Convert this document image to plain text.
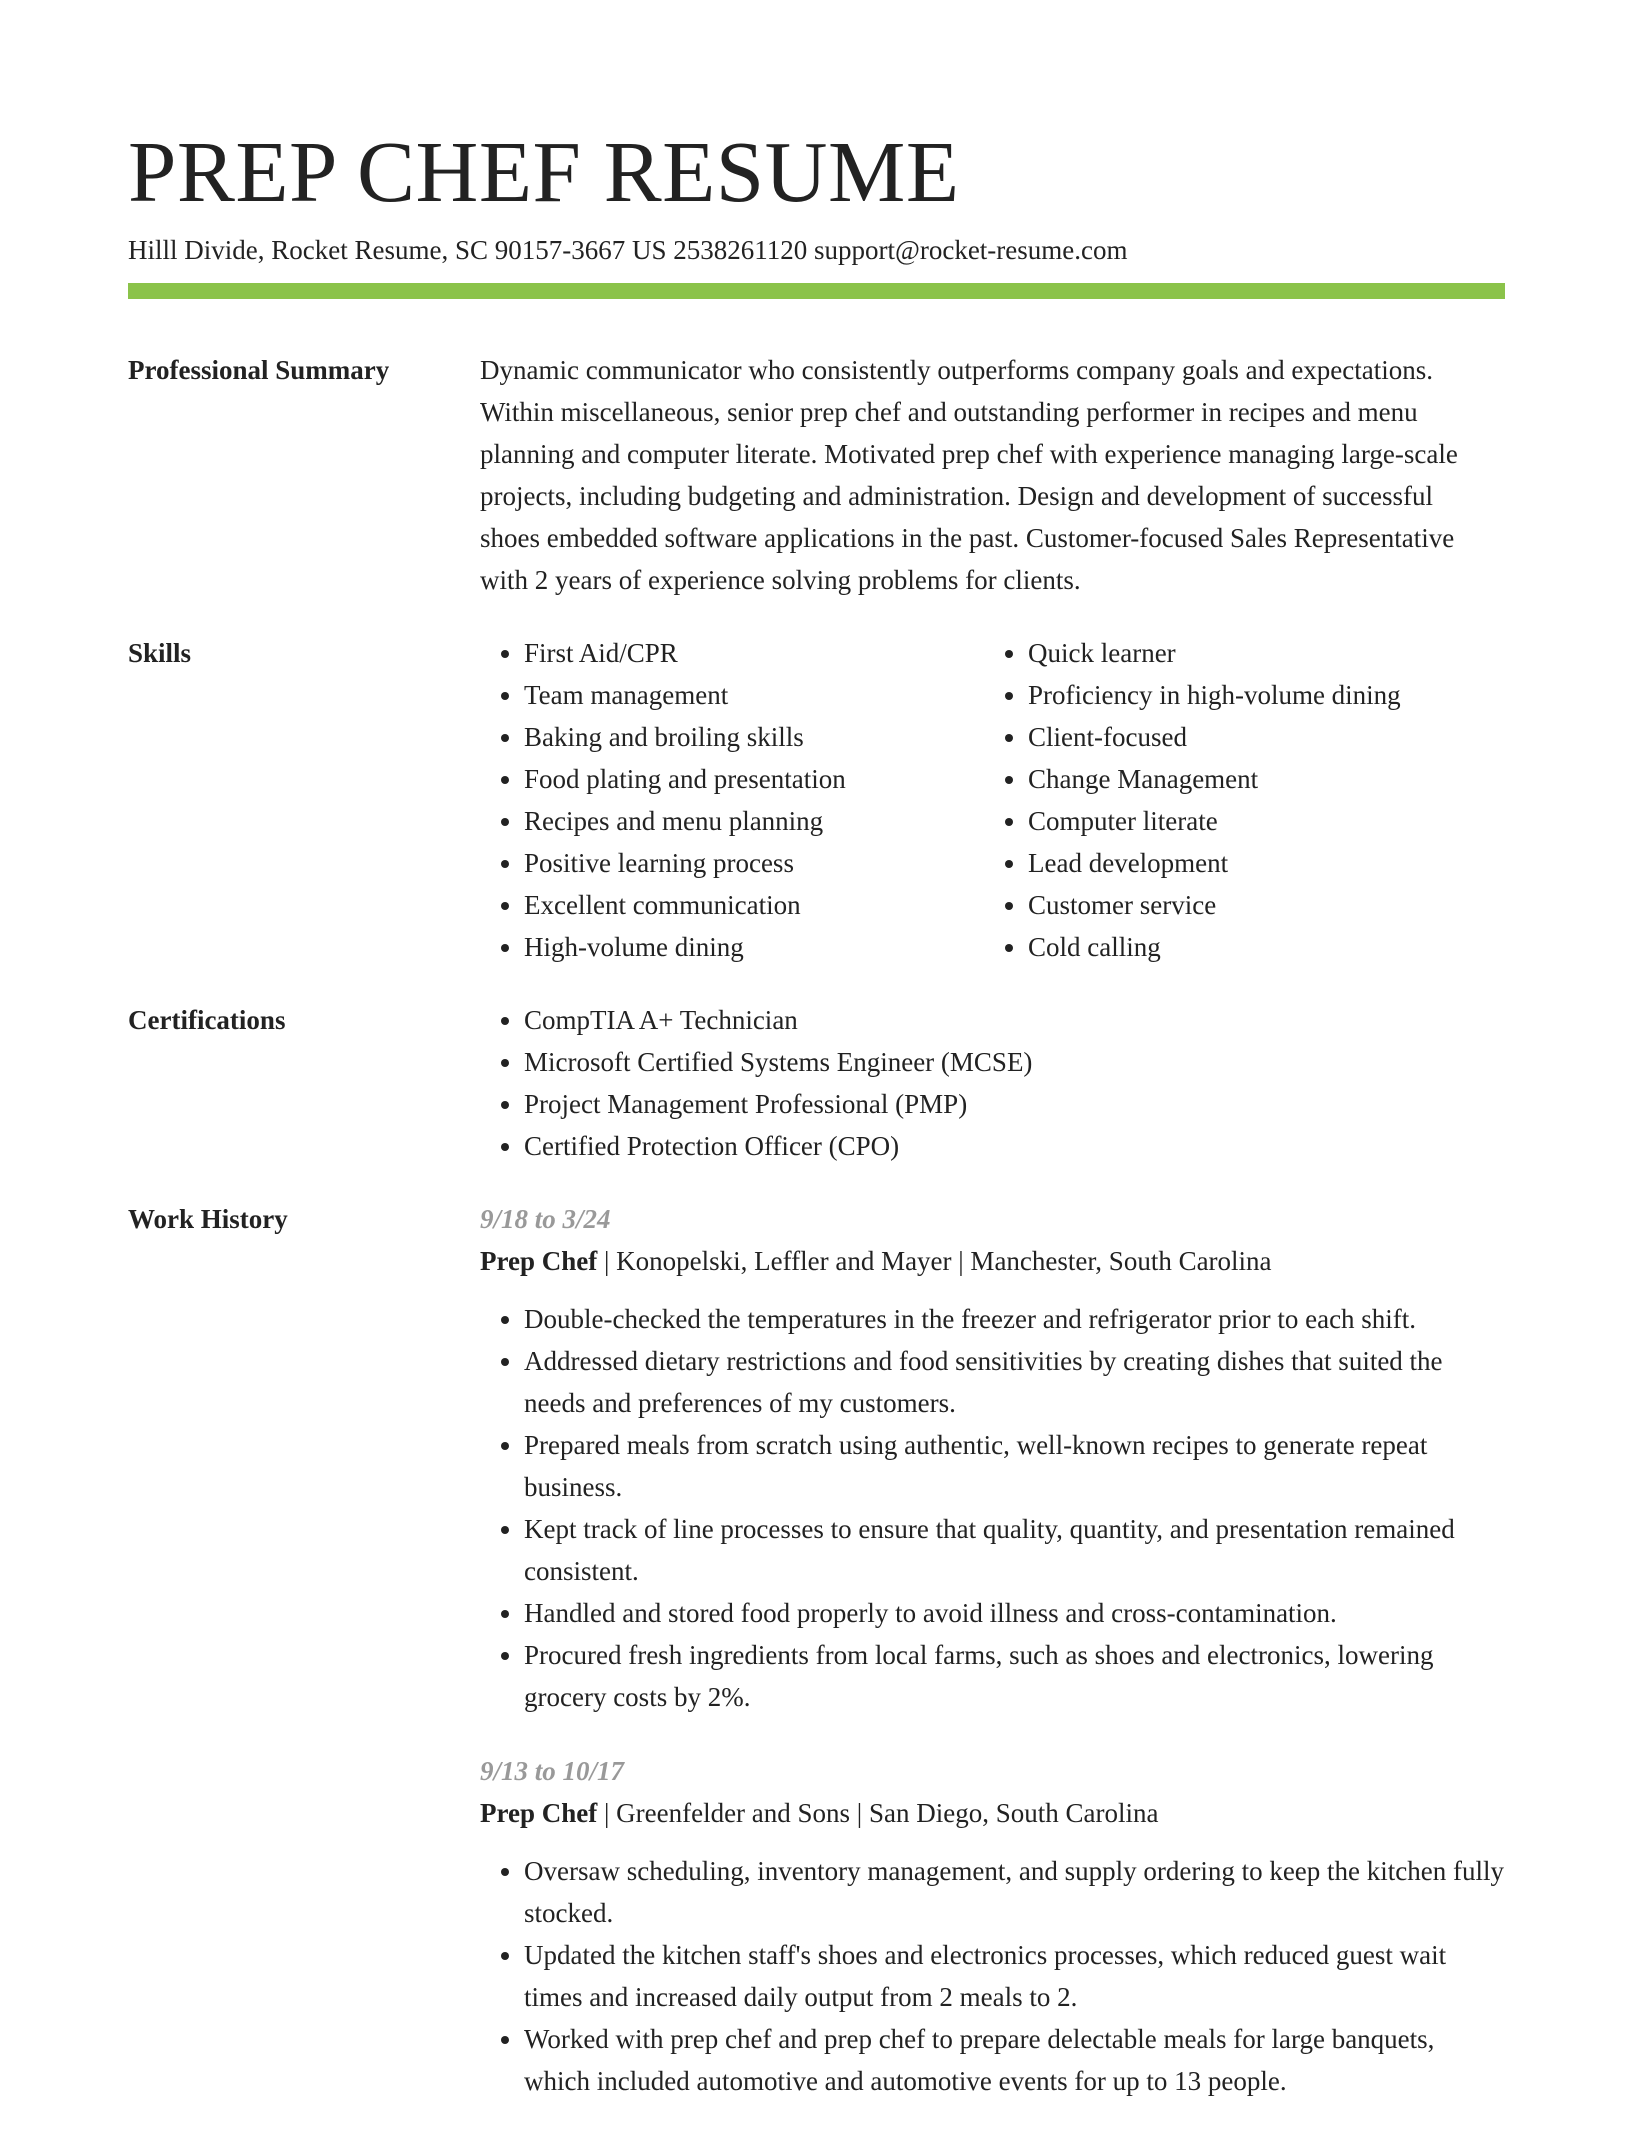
PREP CHEF RESUME
Hilll Divide, Rocket Resume, SC 90157-3667 US 2538261120 support@rocket-resume.com
Professional Summary	Dynamic communicator who consistently outperforms company goals and expectations. Within miscellaneous, senior prep chef and outstanding performer in recipes and menu planning and computer literate. Motivated prep chef with experience managing large-scale projects, including budgeting and administration. Design and development of successful shoes embedded software applications in the past. Customer-focused Sales Representative with 2 years of experience solving problems for clients.

Skills	• First Aid/CPR
• Team management
• Baking and broiling skills
• Food plating and presentation
• Recipes and menu planning
• Positive learning process
• Excellent communication
• High-volume dining
• Quick learner
• Proficiency in high-volume dining
• Client-focused
• Change Management
• Computer literate
• Lead development
• Customer service
• Cold calling
Certifications	• CompTIA A+ Technician
• Microsoft Certified Systems Engineer (MCSE)
• Project Management Professional (PMP)
• Certified Protection Officer (CPO)
Work History	9/18 to 3/24

Prep Chef | Konopelski, Leffler and Mayer | Manchester, South Carolina

• Double-checked the temperatures in the freezer and refrigerator prior to each shift.
• Addressed dietary restrictions and food sensitivities by creating dishes that suited the needs and preferences of my customers.
• Prepared meals from scratch using authentic, well-known recipes to generate repeat business.
• Kept track of line processes to ensure that quality, quantity, and presentation remained consistent.
• Handled and stored food properly to avoid illness and cross-contamination.
• Procured fresh ingredients from local farms, such as shoes and electronics, lowering grocery costs by 2%.
9/13 to 10/17

Prep Chef | Greenfelder and Sons | San Diego, South Carolina

• Oversaw scheduling, inventory management, and supply ordering to keep the kitchen fully stocked.
• Updated the kitchen staff's shoes and electronics processes, which reduced guest wait times and increased daily output from 2 meals to 2.
• Worked with prep chef and prep chef to prepare delectable meals for large banquets, which included automotive and automotive events for up to 13 people.
